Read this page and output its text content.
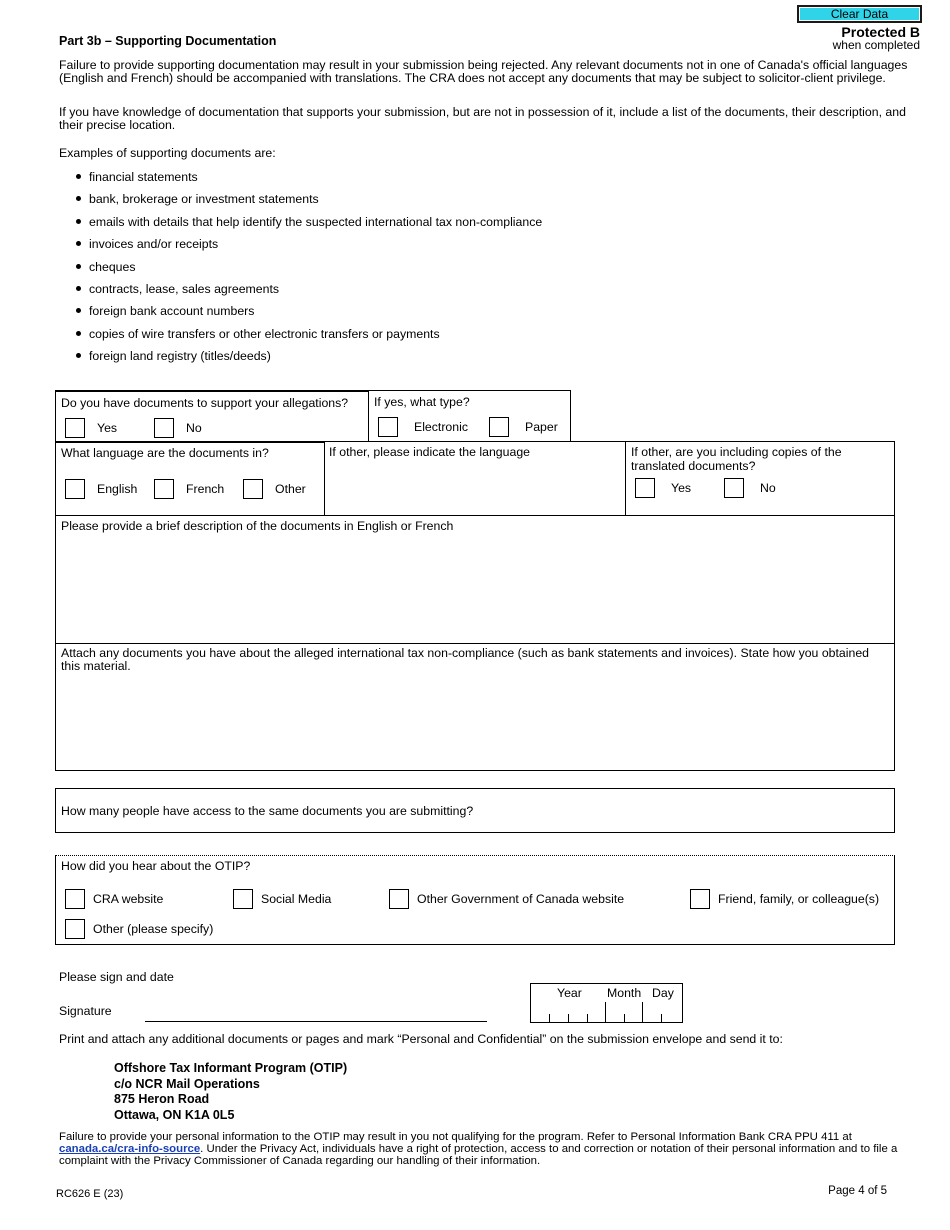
Clear Data
Protected B
when completed
Part 3b – Supporting Documentation
Failure to provide supporting documentation may result in your submission being rejected. Any relevant documents not in one of Canada's official languages (English and French) should be accompanied with translations. The CRA does not accept any documents that may be subject to solicitor-client privilege.
If you have knowledge of documentation that supports your submission, but are not in possession of it, include a list of the documents, their description, and their precise location.
Examples of supporting documents are:
financial statements
bank, brokerage or investment statements
emails with details that help identify the suspected international tax non-compliance
invoices and/or receipts
cheques
contracts, lease, sales agreements
foreign bank account numbers
copies of wire transfers or other electronic transfers or payments
foreign land registry (titles/deeds)
Do you have documents to support your allegations?
Yes	No
If yes, what type?
Electronic	Paper
What language are the documents in?
English	French	Other
If other, please indicate the language	If other, are you including copies of the translated documents?
Yes	No
Please provide a brief description of the documents in English or French
Attach any documents you have about the alleged international tax non-compliance (such as bank statements and invoices). State how you obtained this material.
How many people have access to the same documents you are submitting?
How did you hear about the OTIP?
CRA website	Social Media	Other Government of Canada website	Friend, family, or colleague(s)
Other (please specify)
Please sign and date
Signature
Year Month Day
Print and attach any additional documents or pages and mark “Personal and Confidential” on the submission envelope and send it to:
Offshore Tax Informant Program (OTIP)
c/o NCR Mail Operations
875 Heron Road
Ottawa, ON K1A 0L5
Failure to provide your personal information to the OTIP may result in you not qualifying for the program. Refer to Personal Information Bank CRA PPU 411 at canada.ca/cra-info-source. Under the Privacy Act, individuals have a right of protection, access to and correction or notation of their personal information and to file a complaint with the Privacy Commissioner of Canada regarding our handling of their information.
RC626 E (23)	Page 4 of 5
